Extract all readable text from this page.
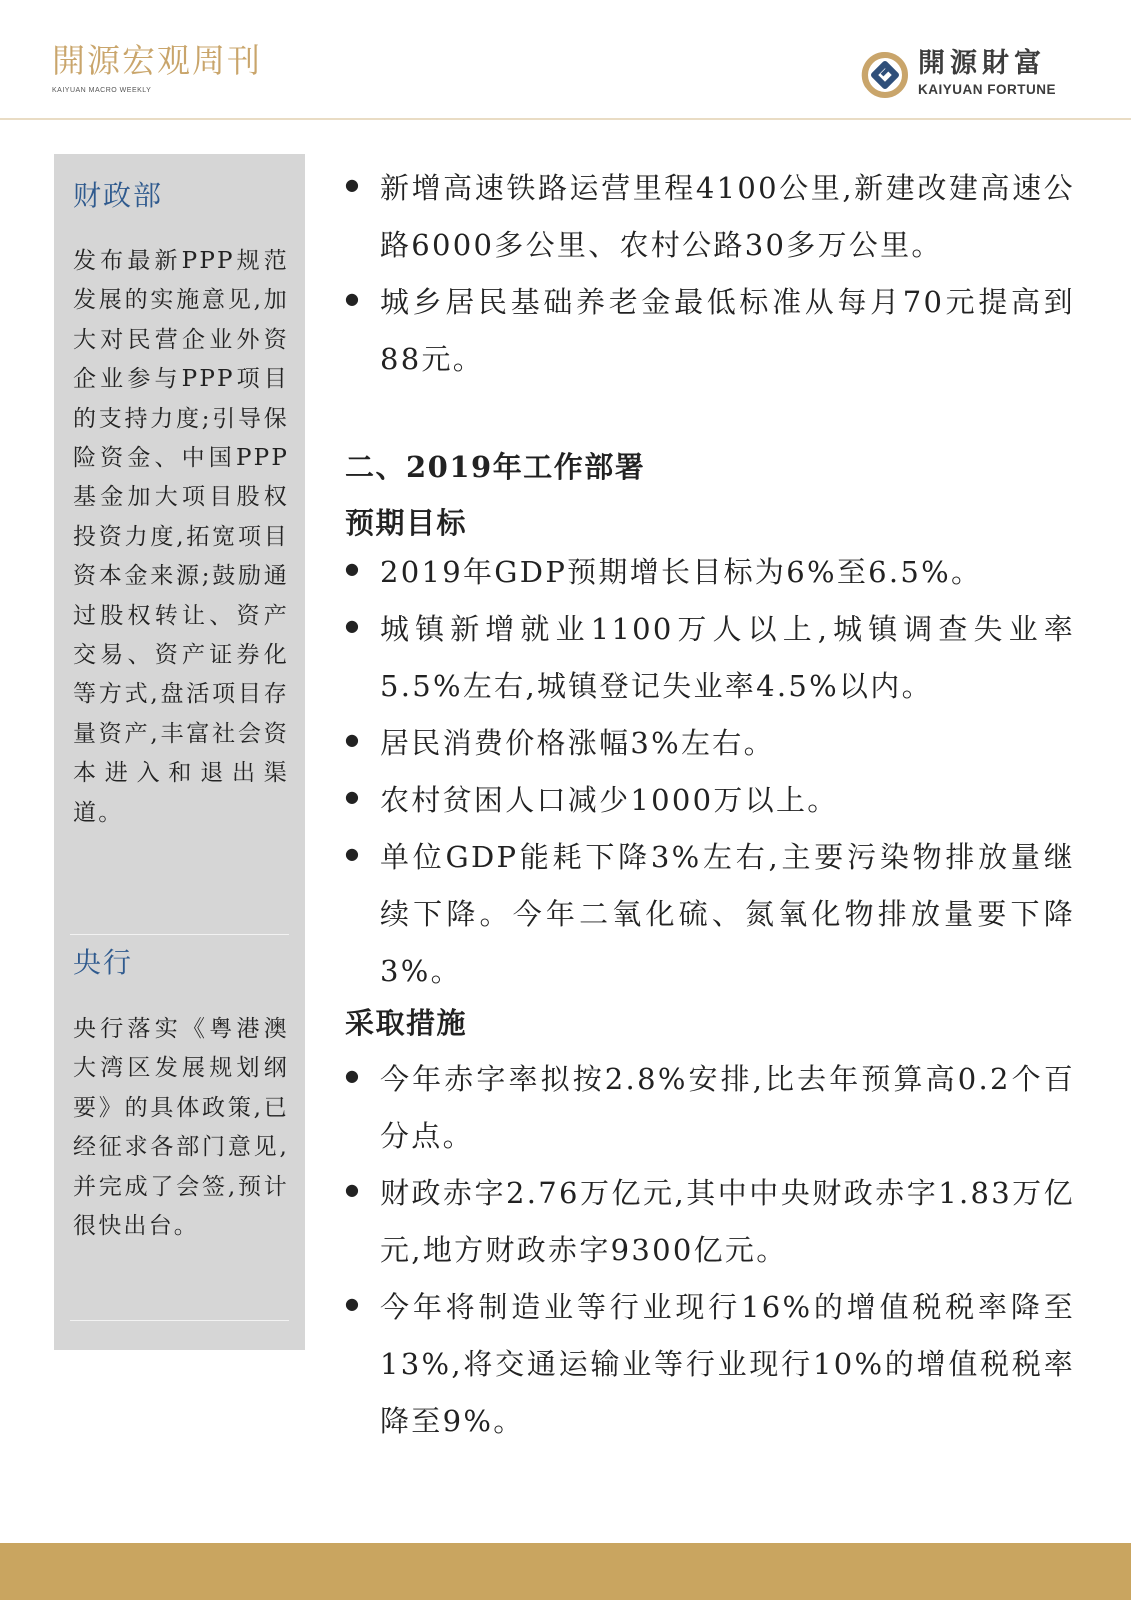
開源宏观周刊
KAIYUAN MACRO WEEKLY
開源財富
KAIYUAN FORTUNE
财政部
发布最新PPP规范发展的实施意见,加大对民营企业外资企业参与PPP项目的支持力度;引导保险资金、中国PPP基金加大项目股权投资力度,拓宽项目资本金来源;鼓励通过股权转让、资产交易、资产证券化等方式,盘活项目存量资产,丰富社会资本进入和退出渠道。
央行
央行落实《粤港澳大湾区发展规划纲要》的具体政策,已经征求各部门意见,并完成了会签,预计很快出台。
● 新增高速铁路运营里程4100公里,新建改建高速公路6000多公里、农村公路30多万公里。
● 城乡居民基础养老金最低标准从每月70元提高到88元。
二、2019年工作部署
预期目标
● 2019年GDP预期增长目标为6%至6.5%。
● 城镇新增就业1100万人以上,城镇调查失业率5.5%左右,城镇登记失业率4.5%以内。
● 居民消费价格涨幅3%左右。
● 农村贫困人口减少1000万以上。
● 单位GDP能耗下降3%左右,主要污染物排放量继续下降。今年二氧化硫、氮氧化物排放量要下降3%。
采取措施
● 今年赤字率拟按2.8%安排,比去年预算高0.2个百分点。
● 财政赤字2.76万亿元,其中中央财政赤字1.83万亿元,地方财政赤字9300亿元。
● 今年将制造业等行业现行16%的增值税税率降至13%,将交通运输业等行业现行10%的增值税税率降至9%。
